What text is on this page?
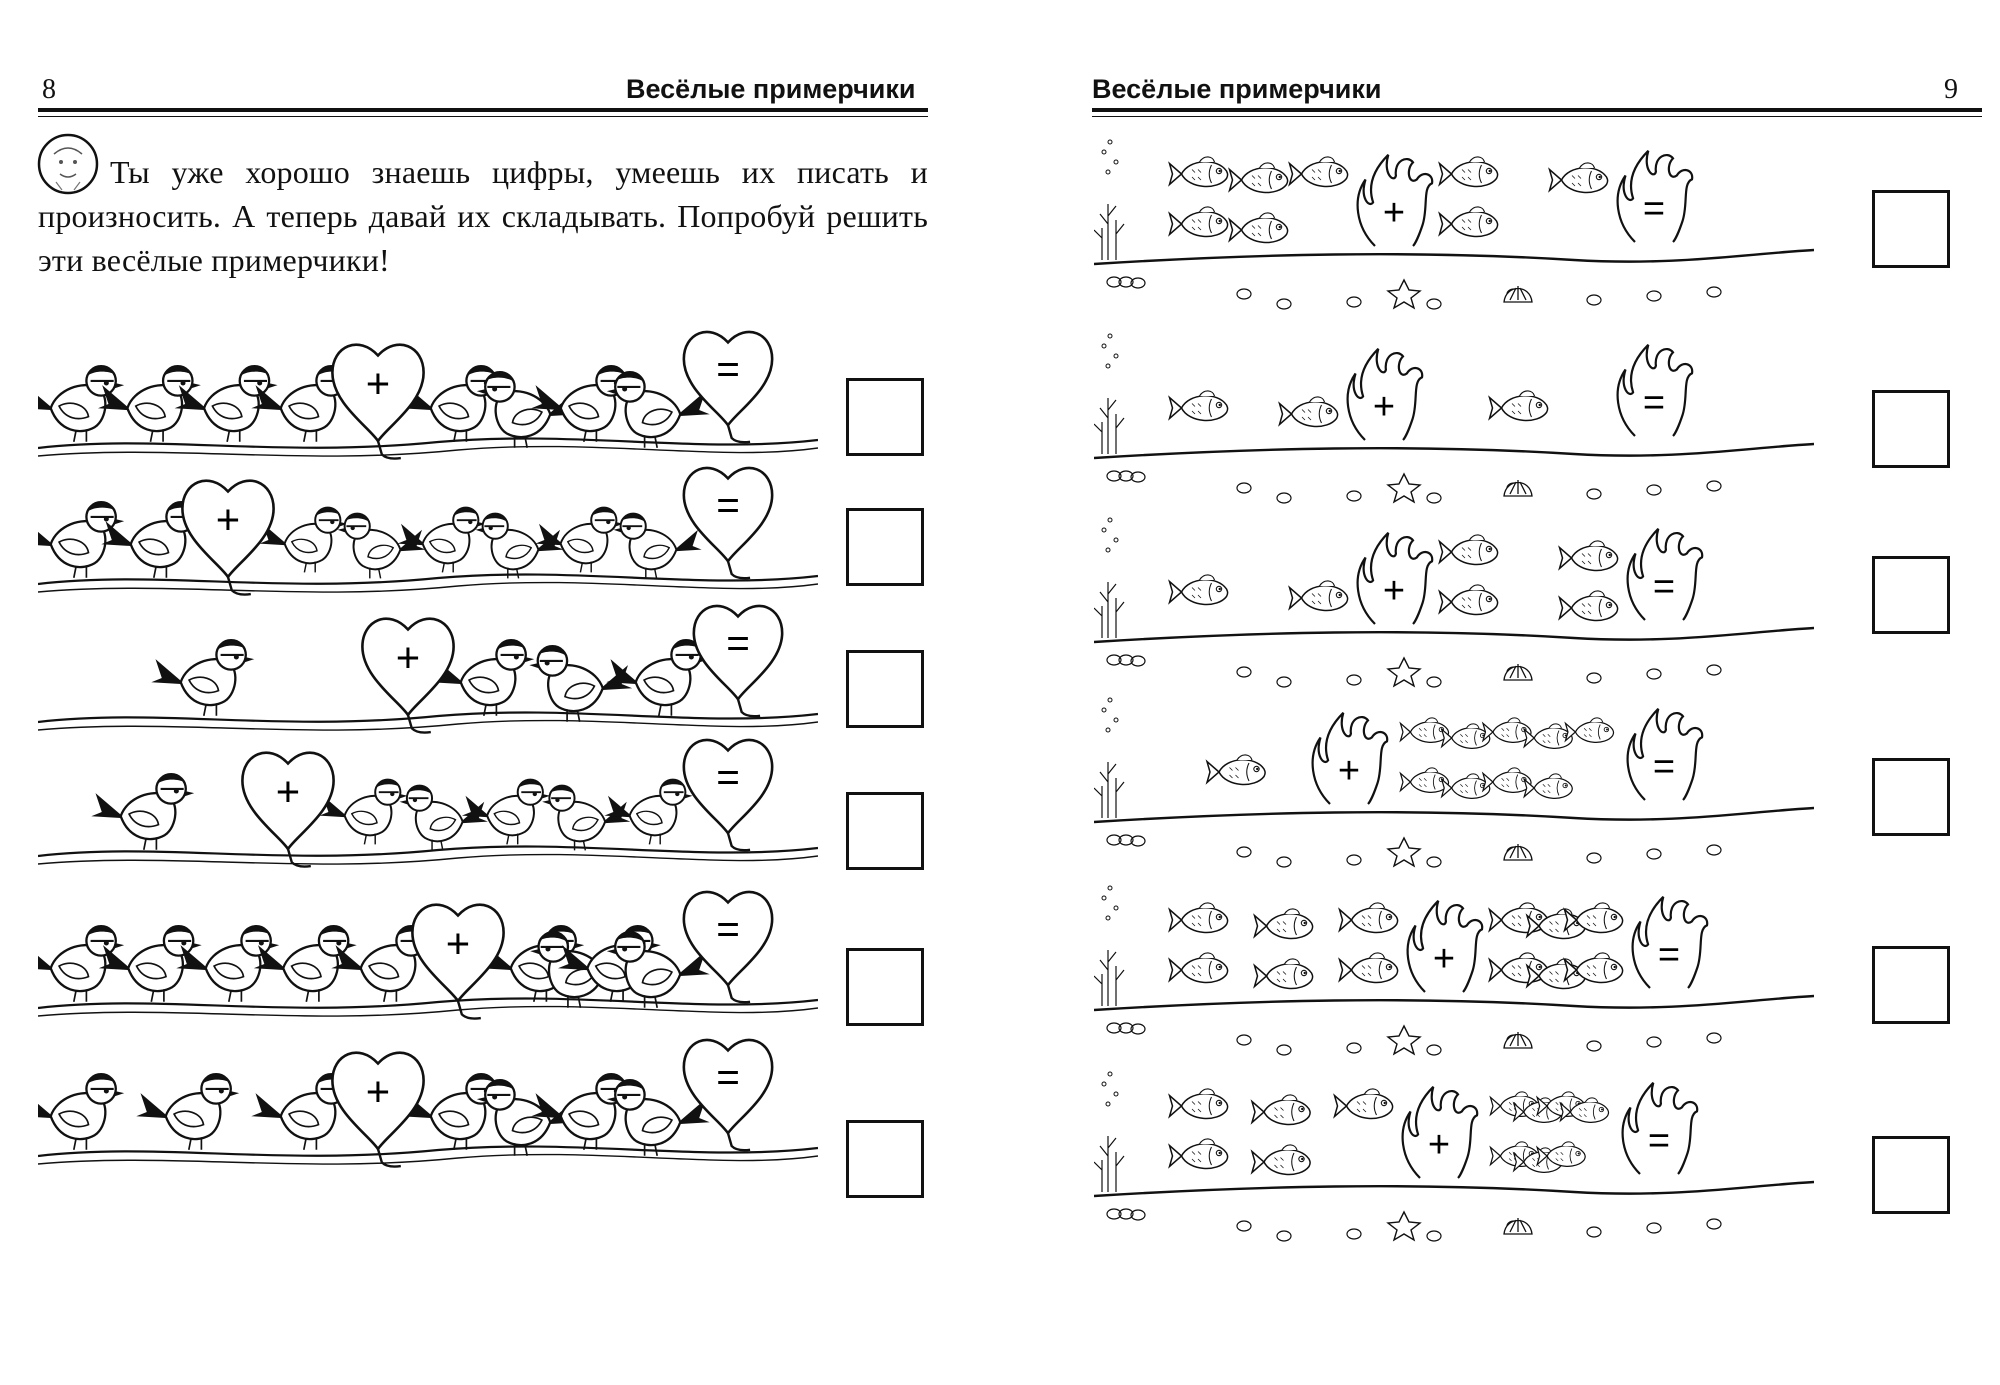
8	Весёлые примерчики
Ты уже хорошо знаешь цифры, умеешь их писать и произносить. А теперь давай их складывать. Попробуй решить эти весёлые примерчики!
+	=
+	=
+	=
+	=
+	=
+	=
Весёлые примерчики	9
+	=
+	=
+	=
+	=
+	=
+	=
